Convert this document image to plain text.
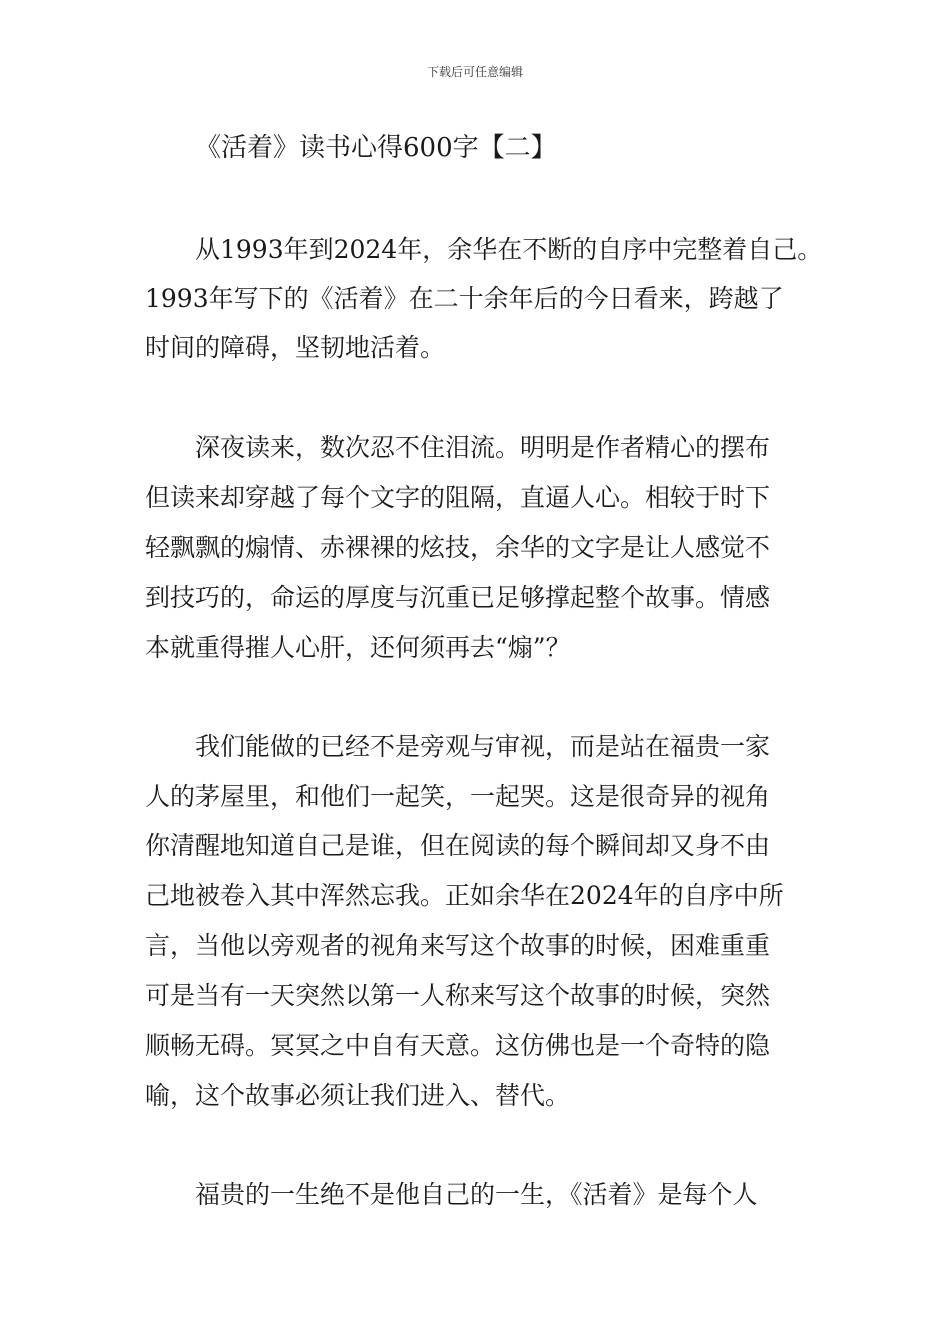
下载后可任意编辑
《活着》读书心得600字【二】
从1993年到2024年，余华在不断的自序中完整着自己。
1993年写下的《活着》在二十余年后的今日看来，跨越了
时间的障碍，坚韧地活着。
深夜读来，数次忍不住泪流。明明是作者精心的摆布
但读来却穿越了每个文字的阻隔，直逼人心。相较于时下
轻飘飘的煽情、赤裸裸的炫技，余华的文字是让人感觉不
到技巧的，命运的厚度与沉重已足够撑起整个故事。情感
本就重得摧人心肝，还何须再去“煽”？
我们能做的已经不是旁观与审视，而是站在福贵一家
人的茅屋里，和他们一起笑，一起哭。这是很奇异的视角
你清醒地知道自己是谁，但在阅读的每个瞬间却又身不由
己地被卷入其中浑然忘我。正如余华在2024年的自序中所
言，当他以旁观者的视角来写这个故事的时候，困难重重
可是当有一天突然以第一人称来写这个故事的时候，突然
顺畅无碍。冥冥之中自有天意。这仿佛也是一个奇特的隐
喻，这个故事必须让我们进入、替代。
福贵的一生绝不是他自己的一生，《活着》是每个人
